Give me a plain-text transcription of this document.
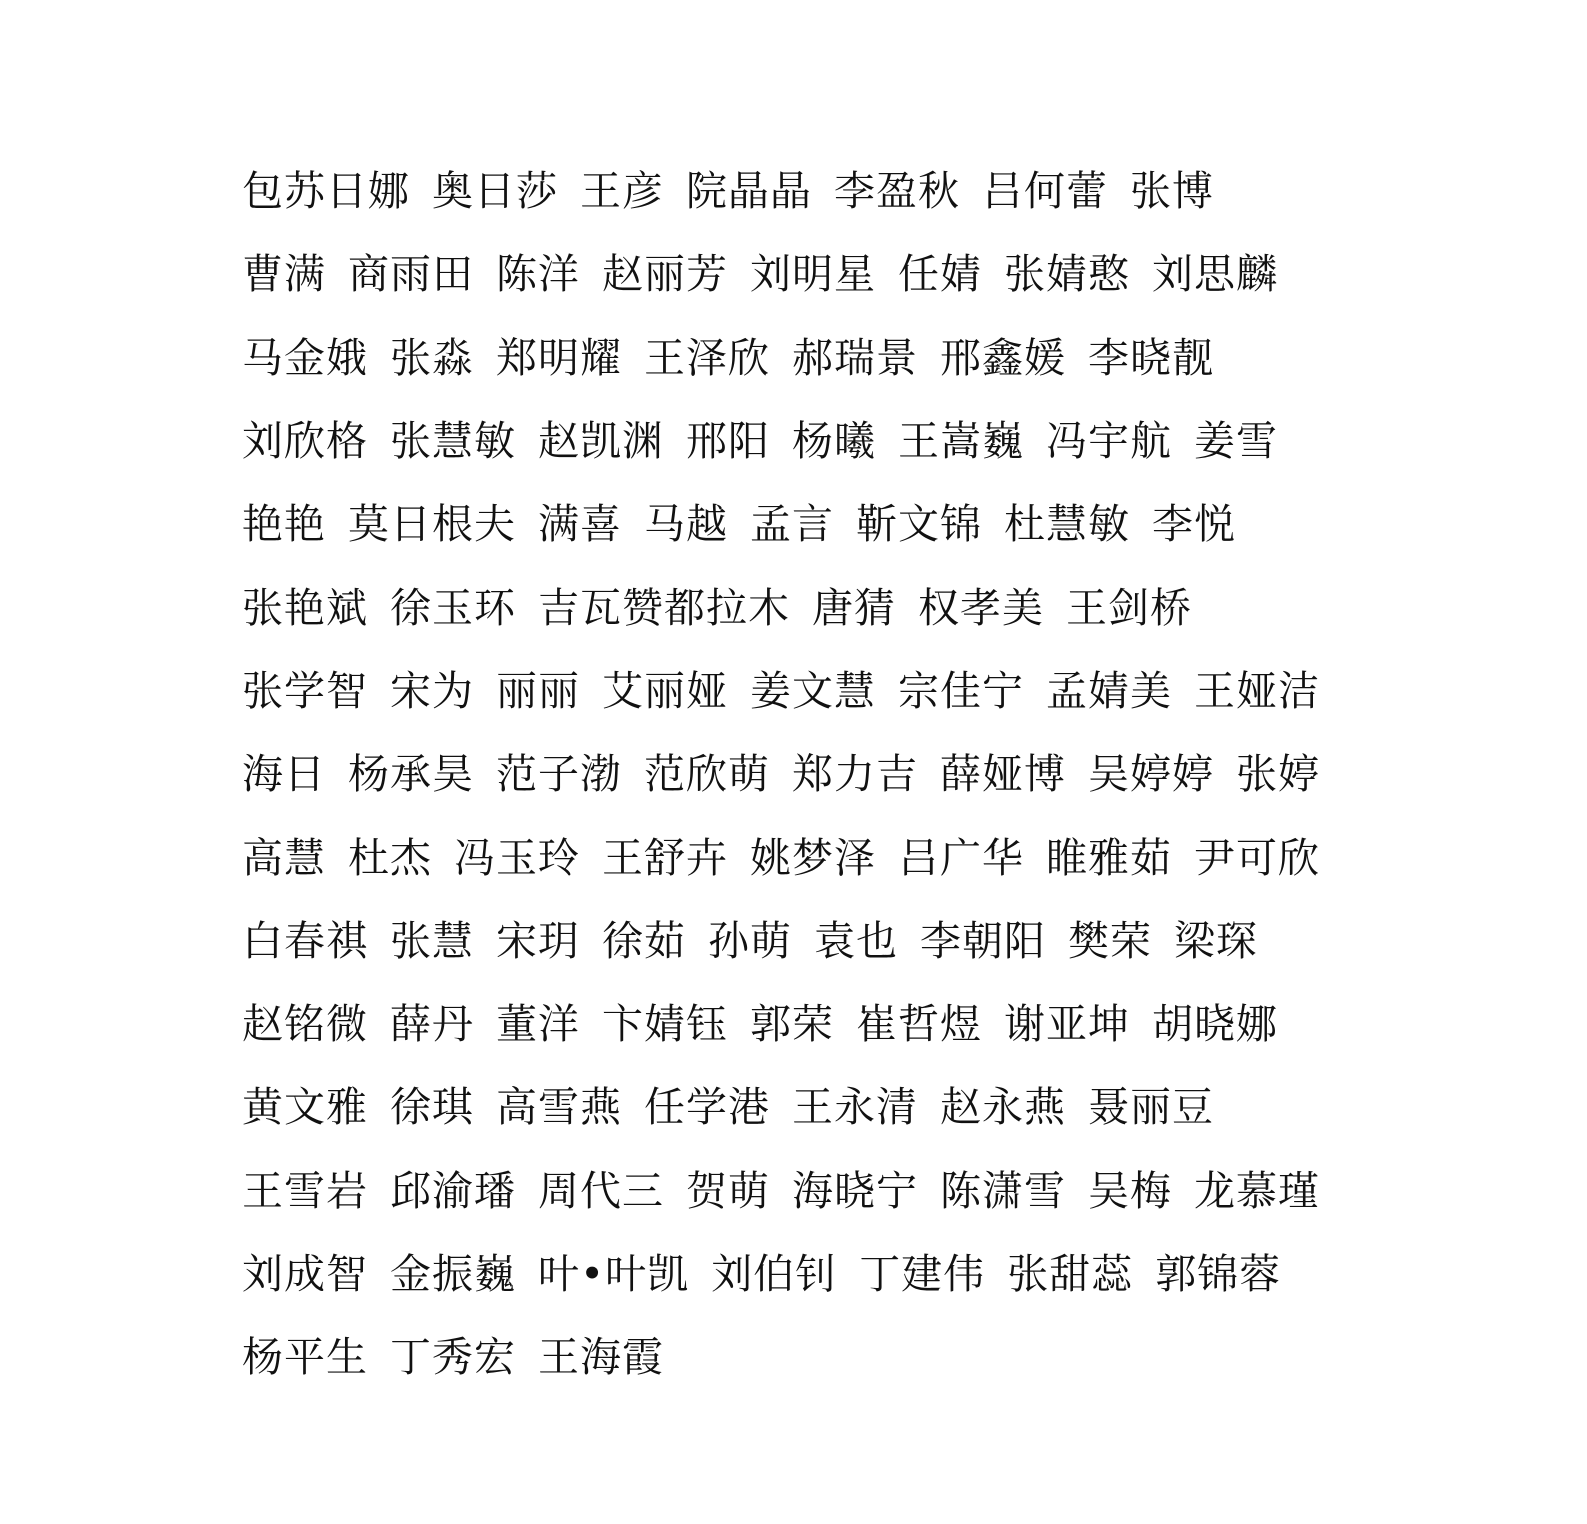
包苏日娜 奥日莎 王彦 院晶晶 李盈秋 吕何蕾 张博
曹满 商雨田 陈洋 赵丽芳 刘明星 任婧 张婧憨 刘思麟
马金娥 张淼 郑明耀 王泽欣 郝瑞景 邢鑫媛 李晓靓
刘欣格 张慧敏 赵凯渊 邢阳 杨曦 王嵩巍 冯宇航 姜雪
艳艳 莫日根夫 满喜 马越 孟言 靳文锦 杜慧敏 李悦
张艳斌 徐玉环 吉瓦赞都拉木 唐猜 权孝美 王剑桥
张学智 宋为 丽丽 艾丽娅 姜文慧 宗佳宁 孟婧美 王娅洁
海日 杨承昊 范子渤 范欣萌 郑力吉 薛娅博 吴婷婷 张婷
高慧 杜杰 冯玉玲 王舒卉 姚梦泽 吕广华 睢雅茹 尹可欣
白春祺 张慧 宋玥 徐茹 孙萌 袁也 李朝阳 樊荣 梁琛
赵铭微 薛丹 董洋 卞婧钰 郭荣 崔哲煜 谢亚坤 胡晓娜
黄文雅 徐琪 高雪燕 任学港 王永清 赵永燕 聂丽豆
王雪岩 邱渝璠 周代三 贺萌 海晓宁 陈潇雪 吴梅 龙慕瑾
刘成智 金振巍 叶•叶凯 刘伯钊 丁建伟 张甜蕊 郭锦蓉
杨平生 丁秀宏 王海霞
